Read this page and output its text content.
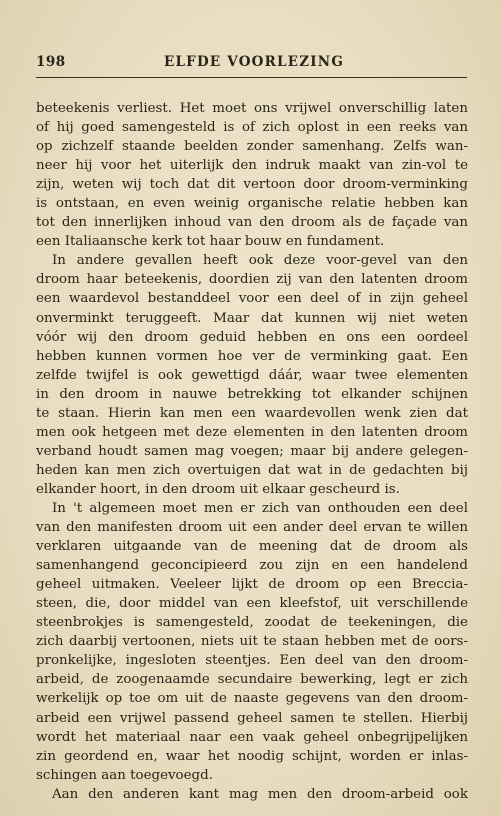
198	ELFDE VOORLEZING
beteekenis verliest. Het moet ons vrijwel onverschillig laten
of hij goed samengesteld is of zich oplost in een reeks van
op zichzelf staande beelden zonder samenhang. Zelfs wan-
neer hij voor het uiterlijk den indruk maakt van zin-vol te
zijn, weten wij toch dat dit vertoon door droom-verminking
is ontstaan, en even weinig organische relatie hebben kan
tot den innerlijken inhoud van den droom als de façade van
een Italiaansche kerk tot haar bouw en fundament.
In andere gevallen heeft ook deze voor-gevel van den
droom haar beteekenis, doordien zij van den latenten droom
een waardevol bestanddeel voor een deel of in zijn geheel
onverminkt teruggeeft. Maar dat kunnen wij niet weten
vóór wij den droom geduid hebben en ons een oordeel
hebben kunnen vormen hoe ver de verminking gaat. Een
zelfde twijfel is ook gewettigd dáár, waar twee elementen
in den droom in nauwe betrekking tot elkander schijnen
te staan. Hierin kan men een waardevollen wenk zien dat
men ook hetgeen met deze elementen in den latenten droom
verband houdt samen mag voegen; maar bij andere gelegen-
heden kan men zich overtuigen dat wat in de gedachten bij
elkander hoort, in den droom uit elkaar gescheurd is.
In 't algemeen moet men er zich van onthouden een deel
van den manifesten droom uit een ander deel ervan te willen
verklaren uitgaande van de meening dat de droom als
samenhangend geconcipieerd zou zijn en een handelend
geheel uitmaken. Veeleer lijkt de droom op een Breccia-
steen, die, door middel van een kleefstof, uit verschillende
steenbrokjes is samengesteld, zoodat de teekeningen, die
zich daarbij vertoonen, niets uit te staan hebben met de oors-
pronkelijke, ingesloten steentjes. Een deel van den droom-
arbeid, de zoogenaamde secundaire bewerking, legt er zich
werkelijk op toe om uit de naaste gegevens van den droom-
arbeid een vrijwel passend geheel samen te stellen. Hierbij
wordt het materiaal naar een vaak geheel onbegrijpelijken
zin geordend en, waar het noodig schijnt, worden er inlas-
schingen aan toegevoegd.
Aan den anderen kant mag men den droom-arbeid ook
